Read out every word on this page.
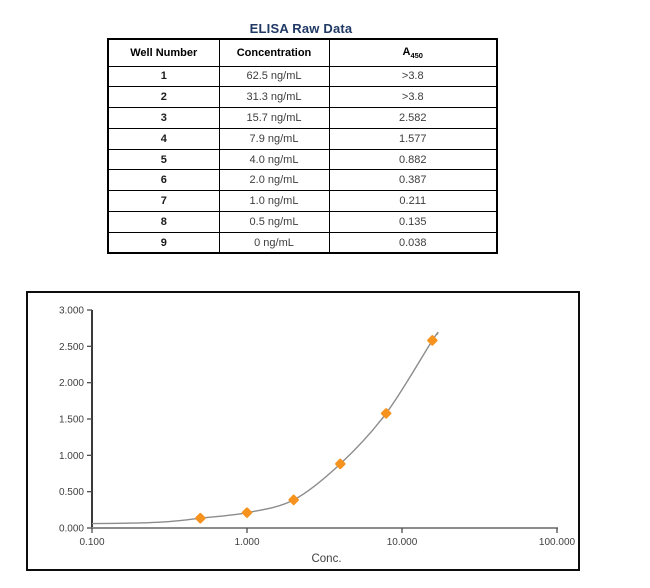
ELISA Raw Data
Well Number	Concentration	$A_{450}$
1	62.5 ng/mL	>3.8
2	31.3 ng/mL	>3.8
3	15.7 ng/mL	2.582
4	7.9 ng/mL	1.577
5	4.0 ng/mL	0.882
6	2.0 ng/mL	0.387
7	1.0 ng/mL	0.211
8	0.5 ng/mL	0.135
9	0 ng/mL	0.038
0.000
0.500
1.000
1.500
2.000
2.500
3.000
0.100	1.000	10.000	100.000
Conc.
